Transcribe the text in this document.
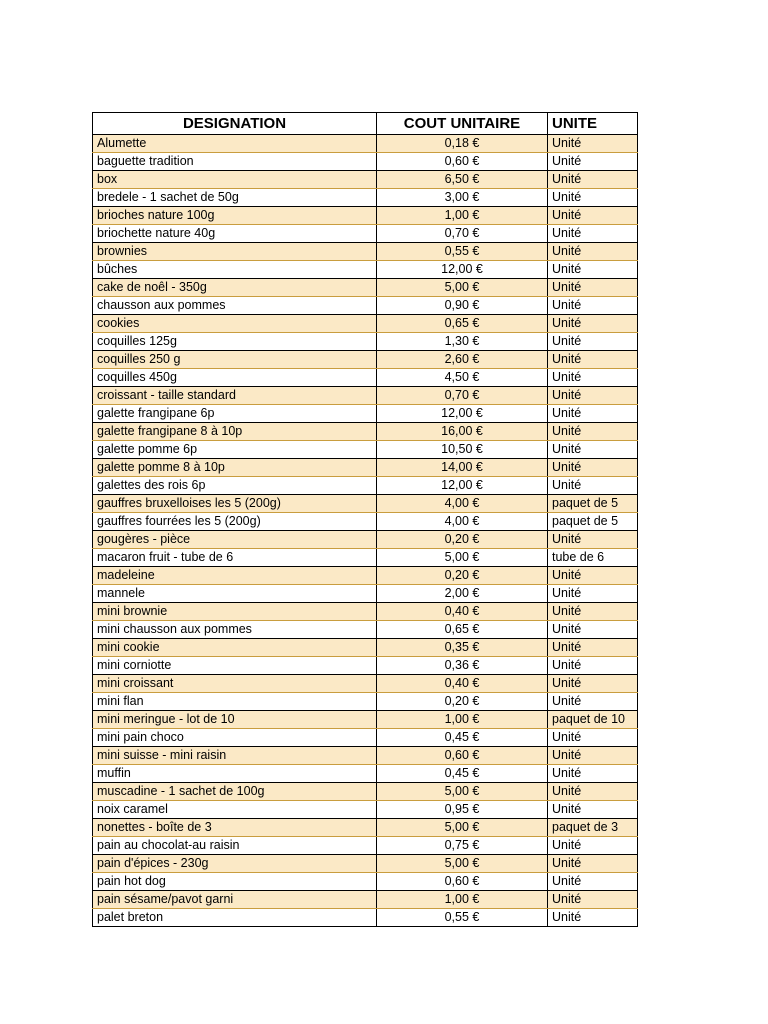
DESIGNATION	COUT UNITAIRE	UNITE
Alumette	0,18 €	Unité
baguette tradition	0,60 €	Unité
box	6,50 €	Unité
bredele - 1 sachet de 50g	3,00 €	Unité
brioches nature 100g	1,00 €	Unité
briochette nature 40g	0,70 €	Unité
brownies	0,55 €	Unité
bûches	12,00 €	Unité
cake de noêl - 350g	5,00 €	Unité
chausson aux pommes	0,90 €	Unité
cookies	0,65 €	Unité
coquilles 125g	1,30 €	Unité
coquilles 250 g	2,60 €	Unité
coquilles 450g	4,50 €	Unité
croissant - taille standard	0,70 €	Unité
galette frangipane 6p	12,00 €	Unité
galette frangipane 8 à 10p	16,00 €	Unité
galette pomme 6p	10,50 €	Unité
galette pomme 8 à 10p	14,00 €	Unité
galettes des rois 6p	12,00 €	Unité
gauffres bruxelloises les 5 (200g)	4,00 €	paquet de 5
gauffres fourrées les 5 (200g)	4,00 €	paquet de 5
gougères - pièce	0,20 €	Unité
macaron fruit - tube de 6	5,00 €	tube de 6
madeleine	0,20 €	Unité
mannele	2,00 €	Unité
mini brownie	0,40 €	Unité
mini chausson aux pommes	0,65 €	Unité
mini cookie	0,35 €	Unité
mini corniotte	0,36 €	Unité
mini croissant	0,40 €	Unité
mini flan	0,20 €	Unité
mini meringue - lot de 10	1,00 €	paquet de 10
mini pain choco	0,45 €	Unité
mini suisse - mini raisin	0,60 €	Unité
muffin	0,45 €	Unité
muscadine - 1 sachet de 100g	5,00 €	Unité
noix caramel	0,95 €	Unité
nonettes - boîte de 3	5,00 €	paquet de 3
pain au chocolat-au raisin	0,75 €	Unité
pain d'épices - 230g	5,00 €	Unité
pain hot dog	0,60 €	Unité
pain sésame/pavot garni	1,00 €	Unité
palet breton	0,55 €	Unité
